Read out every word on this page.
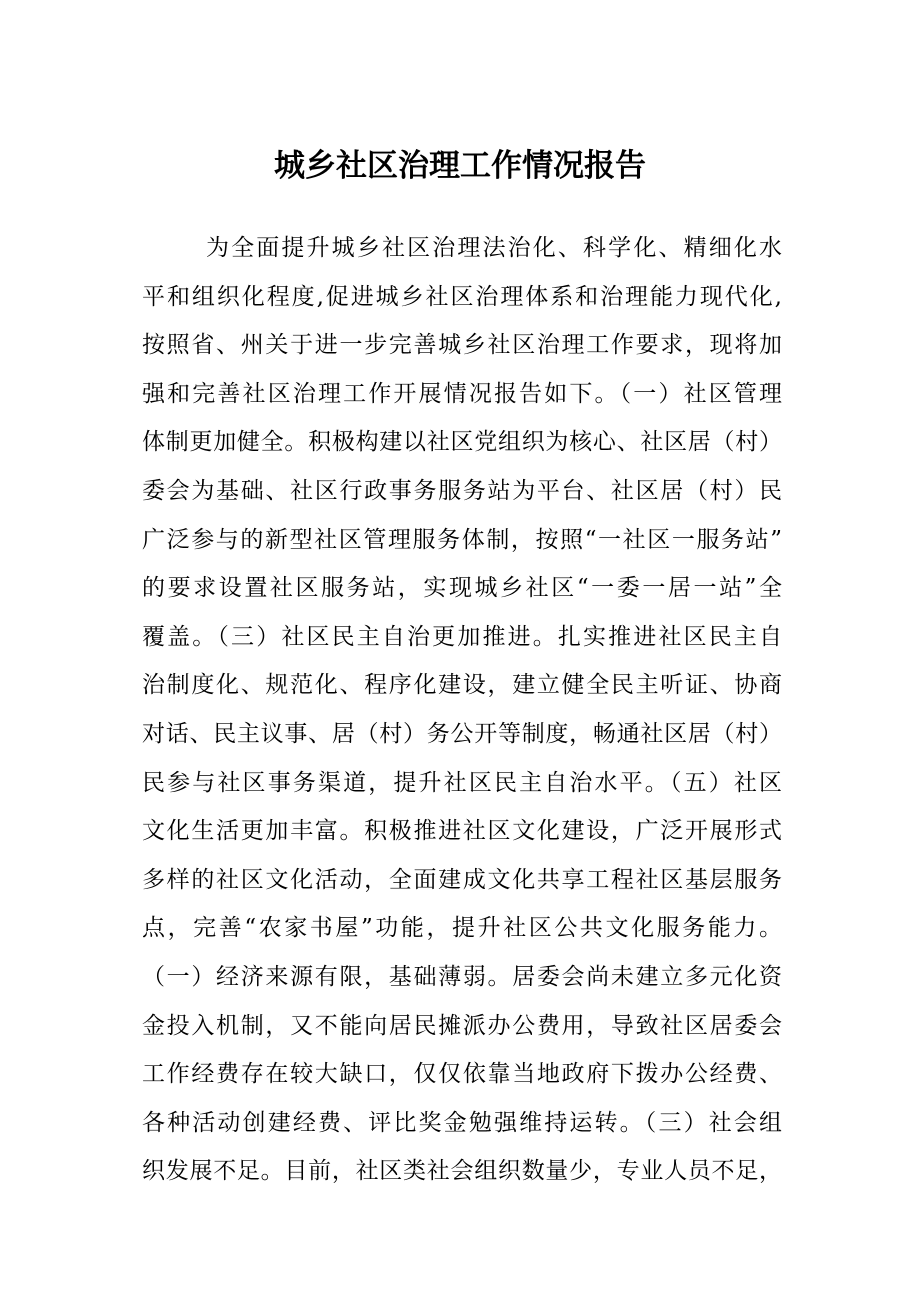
城乡社区治理工作情况报告
为全面提升城乡社区治理法治化、科学化、精细化水
平和组织化程度,促进城乡社区治理体系和治理能力现代化,
按照省、州关于进一步完善城乡社区治理工作要求，现将加
强和完善社区治理工作开展情况报告如下。（一）社区管理
体制更加健全。积极构建以社区党组织为核心、社区居（村）
委会为基础、社区行政事务服务站为平台、社区居（村）民
广泛参与的新型社区管理服务体制，按照“一社区一服务站”
的要求设置社区服务站，实现城乡社区“一委一居一站”全
覆盖。（三）社区民主自治更加推进。扎实推进社区民主自
治制度化、规范化、程序化建设，建立健全民主听证、协商
对话、民主议事、居（村）务公开等制度，畅通社区居（村）
民参与社区事务渠道，提升社区民主自治水平。（五）社区
文化生活更加丰富。积极推进社区文化建设，广泛开展形式
多样的社区文化活动，全面建成文化共享工程社区基层服务
点，完善“农家书屋”功能，提升社区公共文化服务能力。
（一）经济来源有限，基础薄弱。居委会尚未建立多元化资
金投入机制，又不能向居民摊派办公费用，导致社区居委会
工作经费存在较大缺口，仅仅依靠当地政府下拨办公经费、
各种活动创建经费、评比奖金勉强维持运转。（三）社会组
织发展不足。目前，社区类社会组织数量少，专业人员不足，
